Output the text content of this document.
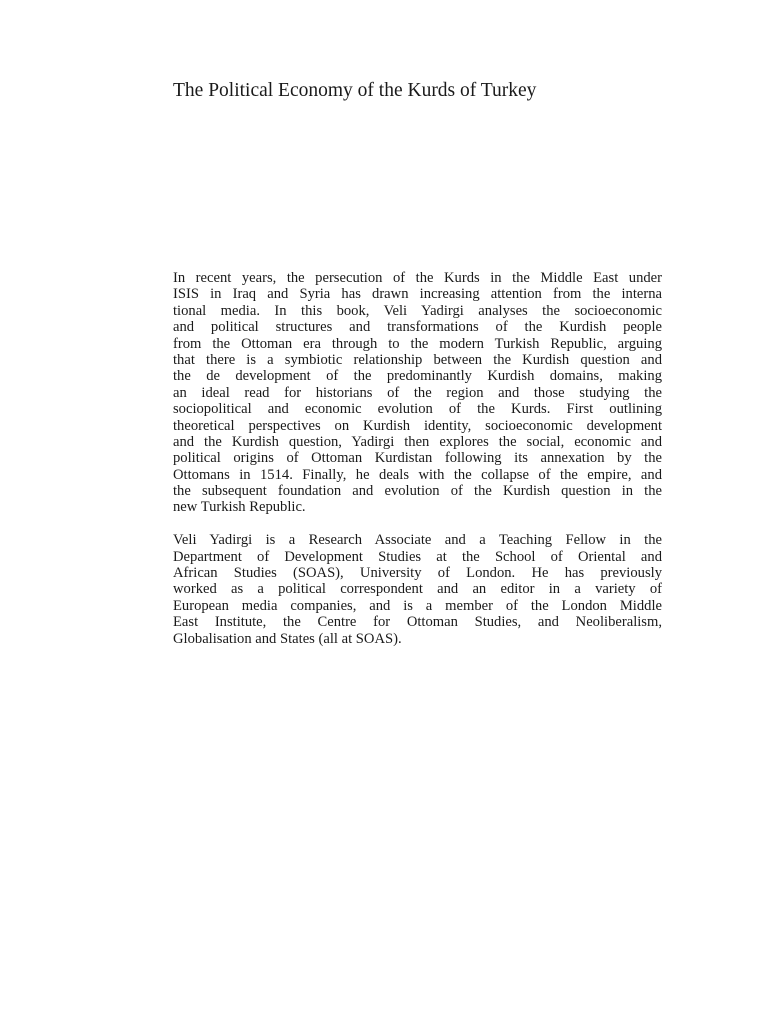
The Political Economy of the Kurds of Turkey
In recent years, the persecution of the Kurds in the Middle East under
ISIS in Iraq and Syria has drawn increasing attention from the interna
tional media. In this book, Veli Yadirgi analyses the socioeconomic
and political structures and transformations of the Kurdish people
from the Ottoman era through to the modern Turkish Republic, arguing
that there is a symbiotic relationship between the Kurdish question and
the de development of the predominantly Kurdish domains, making
an ideal read for historians of the region and those studying the
sociopolitical and economic evolution of the Kurds. First outlining
theoretical perspectives on Kurdish identity, socioeconomic development
and the Kurdish question, Yadirgi then explores the social, economic and
political origins of Ottoman Kurdistan following its annexation by the
Ottomans in 1514. Finally, he deals with the collapse of the empire, and
the subsequent foundation and evolution of the Kurdish question in the
new Turkish Republic.
Veli Yadirgi is a Research Associate and a Teaching Fellow in the
Department of Development Studies at the School of Oriental and
African Studies (SOAS), University of London. He has previously
worked as a political correspondent and an editor in a variety of
European media companies, and is a member of the London Middle
East Institute, the Centre for Ottoman Studies, and Neoliberalism,
Globalisation and States (all at SOAS).
